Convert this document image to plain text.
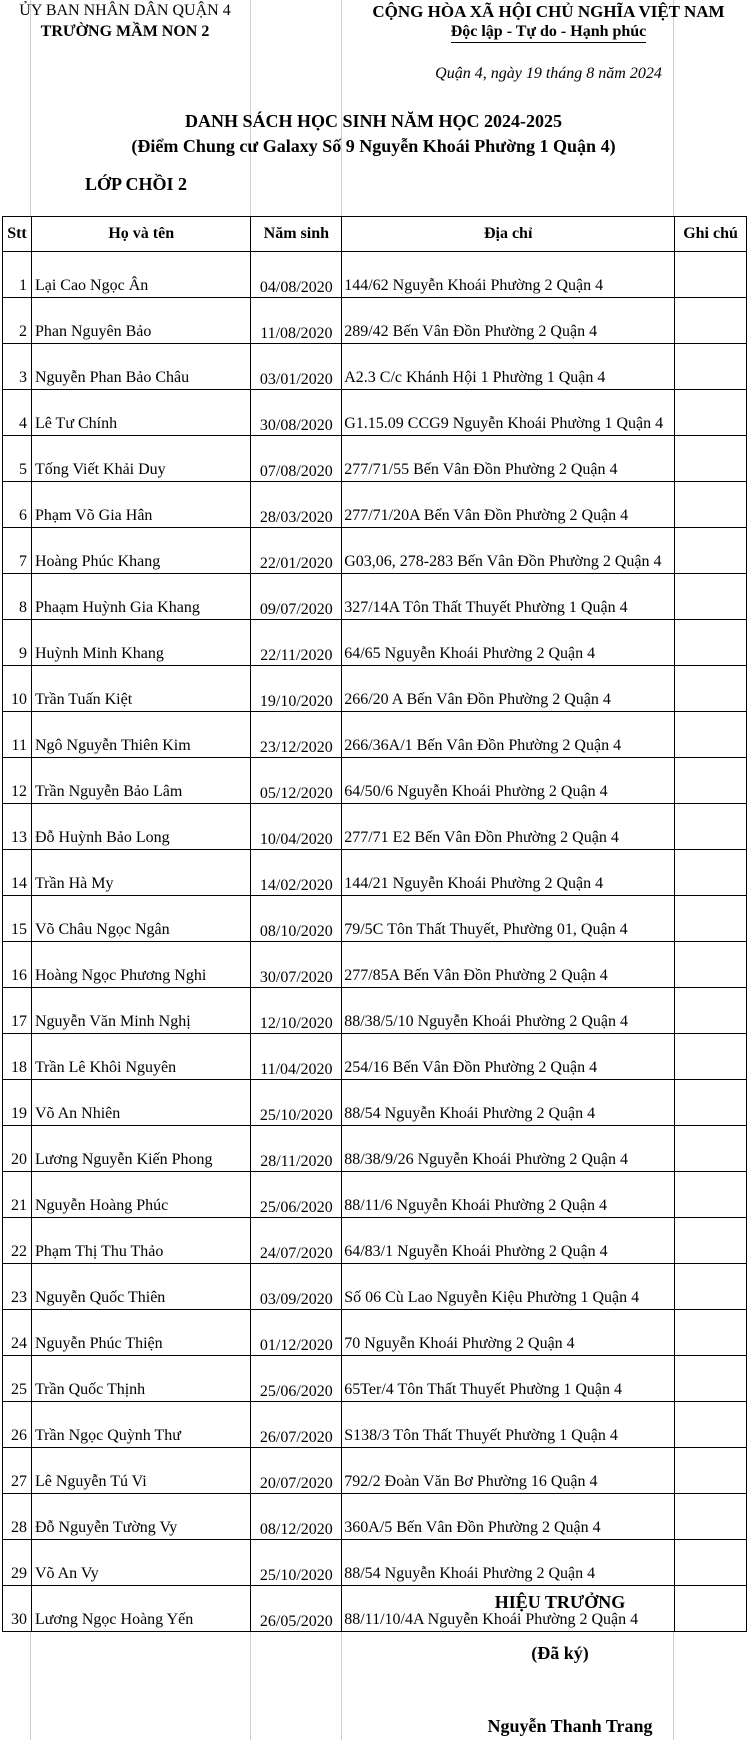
ỦY BAN NHÂN DÂN QUẬN 4
TRƯỜNG MẦM NON 2
CỘNG HÒA XÃ HỘI CHỦ NGHĨA VIỆT NAM
Độc lập - Tự do - Hạnh phúc
Quận 4, ngày 19 tháng 8 năm 2024
DANH SÁCH HỌC SINH NĂM HỌC 2024-2025
(Điểm Chung cư Galaxy Số 9 Nguyễn Khoái Phường 1 Quận 4)
LỚP CHỒI 2
Stt	Họ và tên	Năm sinh	Địa chỉ	Ghi chú
1	Lại Cao Ngọc Ân	04/08/2020	144/62 Nguyễn Khoái Phường 2 Quận 4	
2	Phan Nguyên Bảo	11/08/2020	289/42 Bến Vân Đồn Phường 2 Quận 4	
3	Nguyễn Phan Bảo Châu	03/01/2020	A2.3 C/c Khánh Hội 1 Phường 1 Quận 4	
4	Lê Tư Chính	30/08/2020	G1.15.09 CCG9 Nguyễn Khoái Phường 1 Quận 4	
5	Tống Viết Khải Duy	07/08/2020	277/71/55 Bến Vân Đồn Phường 2 Quận 4	
6	Phạm Võ Gia Hân	28/03/2020	277/71/20A Bến Vân Đồn Phường 2 Quận 4	
7	Hoàng Phúc Khang	22/01/2020	G03,06, 278-283 Bến Vân Đồn Phường 2 Quận 4	
8	Phaạm Huỳnh Gia Khang	09/07/2020	327/14A Tôn Thất Thuyết Phường 1 Quận 4	
9	Huỳnh Minh Khang	22/11/2020	64/65 Nguyễn Khoái Phường 2 Quận 4	
10	Trần Tuấn Kiệt	19/10/2020	266/20 A Bến Vân Đồn Phường 2 Quận 4	
11	Ngô Nguyễn Thiên Kim	23/12/2020	266/36A/1 Bến Vân Đồn Phường 2 Quận 4	
12	Trần Nguyễn Bảo Lâm	05/12/2020	64/50/6 Nguyễn Khoái Phường 2 Quận 4	
13	Đỗ Huỳnh Bảo Long	10/04/2020	277/71 E2 Bến Vân Đồn Phường 2 Quận 4	
14	Trần Hà My	14/02/2020	144/21 Nguyễn Khoái Phường 2 Quận 4	
15	Võ Châu Ngọc Ngân	08/10/2020	79/5C Tôn Thất Thuyết, Phường 01, Quận 4	
16	Hoàng Ngọc Phương Nghi	30/07/2020	277/85A Bến Vân Đồn Phường 2 Quận 4	
17	Nguyễn Văn Minh Nghị	12/10/2020	88/38/5/10 Nguyễn Khoái Phường 2 Quận 4	
18	Trần Lê Khôi Nguyên	11/04/2020	254/16 Bến Vân Đồn Phường 2 Quận 4	
19	Võ An Nhiên	25/10/2020	88/54 Nguyễn Khoái Phường 2 Quận 4	
20	Lương Nguyễn Kiến Phong	28/11/2020	88/38/9/26 Nguyễn Khoái Phường 2 Quận 4	
21	Nguyễn Hoàng Phúc	25/06/2020	88/11/6 Nguyễn Khoái Phường 2 Quận 4	
22	Phạm Thị Thu Thảo	24/07/2020	64/83/1 Nguyễn Khoái Phường 2 Quận 4	
23	Nguyễn Quốc Thiên	03/09/2020	Số 06 Cù Lao Nguyễn Kiệu Phường 1 Quận 4	
24	Nguyễn Phúc Thiện	01/12/2020	70 Nguyễn Khoái Phường 2 Quận 4	
25	Trần Quốc Thịnh	25/06/2020	65Ter/4 Tôn Thất Thuyết Phường 1 Quận 4	
26	Trần Ngọc Quỳnh Thư	26/07/2020	S138/3 Tôn Thất Thuyết Phường 1 Quận 4	
27	Lê Nguyễn Tú Vi	20/07/2020	792/2 Đoàn Văn Bơ Phường 16 Quận 4	
28	Đỗ Nguyễn Tường Vy	08/12/2020	360A/5 Bến Vân Đồn Phường 2 Quận 4	
29	Võ An Vy	25/10/2020	88/54 Nguyễn Khoái Phường 2 Quận 4	
30	Lương Ngọc Hoàng Yến	26/05/2020	88/11/10/4A Nguyễn Khoái Phường 2 Quận 4	
HIỆU TRƯỞNG
(Đã ký)
Nguyễn Thanh Trang
